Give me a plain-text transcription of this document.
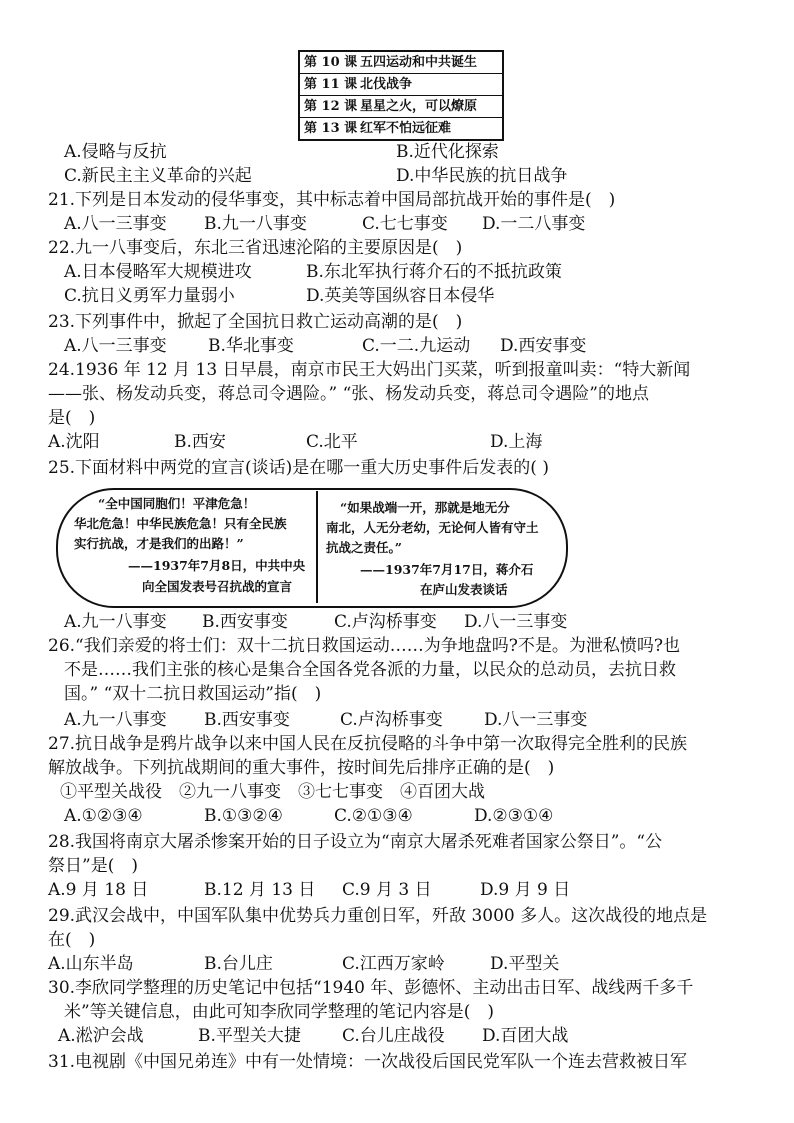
第 10 课 五四运动和中共诞生
第 11 课 北伐战争
第 12 课 星星之火，可以燎原
第 13 课 红军不怕远征难
A.侵略与反抗	B.近代化探索
C.新民主主义革命的兴起	D.中华民族的抗日战争
21.下列是日本发动的侵华事变，其中标志着中国局部抗战开始的事件是(　)
A.八一三事变 B.九一八事变	C.七七事变 D.一二八事变
22.九一八事变后，东北三省迅速沦陷的主要原因是(　)
A.日本侵略军大规模进攻	B.东北军执行蒋介石的不抵抗政策
C.抗日义勇军力量弱小	D.英美等国纵容日本侵华
23.下列事件中，掀起了全国抗日救亡运动高潮的是(　)
A.八一三事变 B.华北事变	C.一二.九运动 D.西安事变
24.1936 年 12 月 13 日早晨，南京市民王大妈出门买菜，听到报童叫卖：“特大新闻
——张、杨发动兵变，蒋总司令遇险。” “张、杨发动兵变，蒋总司令遇险”的地点
是(　)
A.沈阳	B.西安	C.北平	D.上海
25.下面材料中两党的宣言(谈话)是在哪一重大历史事件后发表的( )
“全中国同胞们！平津危急！
华北危急！中华民族危急！只有全民族
实行抗战，才是我们的出路！”
——1937年7月8日，中共中央
向全国发表号召抗战的宣言
“如果战端一开，那就是地无分
南北，人无分老幼，无论何人皆有守土
抗战之责任。”
——1937年7月17日，蒋介石
在庐山发表谈话
A.九一八事变 B.西安事变	C.卢沟桥事变 D.八一三事变
26.“我们亲爱的将士们：双十二抗日救国运动……为争地盘吗?不是。为泄私愤吗?也
不是……我们主张的核心是集合全国各党各派的力量，以民众的总动员，去抗日救
国。” “双十二抗日救国运动”指(　)
A.九一八事变 B.西安事变	C.卢沟桥事变 D.八一三事变
27.抗日战争是鸦片战争以来中国人民在反抗侵略的斗争中第一次取得完全胜利的民族
解放战争。下列抗战期间的重大事件，按时间先后排序正确的是(　)
①平型关战役　②九一八事变　③七七事变　④百团大战
A.①②③④	B.①③②④	C.②①③④	D.②③①④
28.我国将南京大屠杀惨案开始的日子设立为“南京大屠杀死难者国家公祭日”。“公
祭日”是(　)
A.9 月 18 日	B.12 月 13 日 C.9 月 3 日	D.9 月 9 日
29.武汉会战中，中国军队集中优势兵力重创日军，歼敌 3000 多人。这次战役的地点是
在(　)
A.山东半岛	B.台儿庄	C.江西万家岭	D.平型关
30.李欣同学整理的历史笔记中包括“1940 年、彭德怀、主动出击日军、战线两千多千
米”等关键信息，由此可知李欣同学整理的笔记内容是(　)
A.淞沪会战	B.平型关大捷 C.台儿庄战役 D.百团大战
31.电视剧《中国兄弟连》中有一处情境：一次战役后国民党军队一个连去营救被日军
